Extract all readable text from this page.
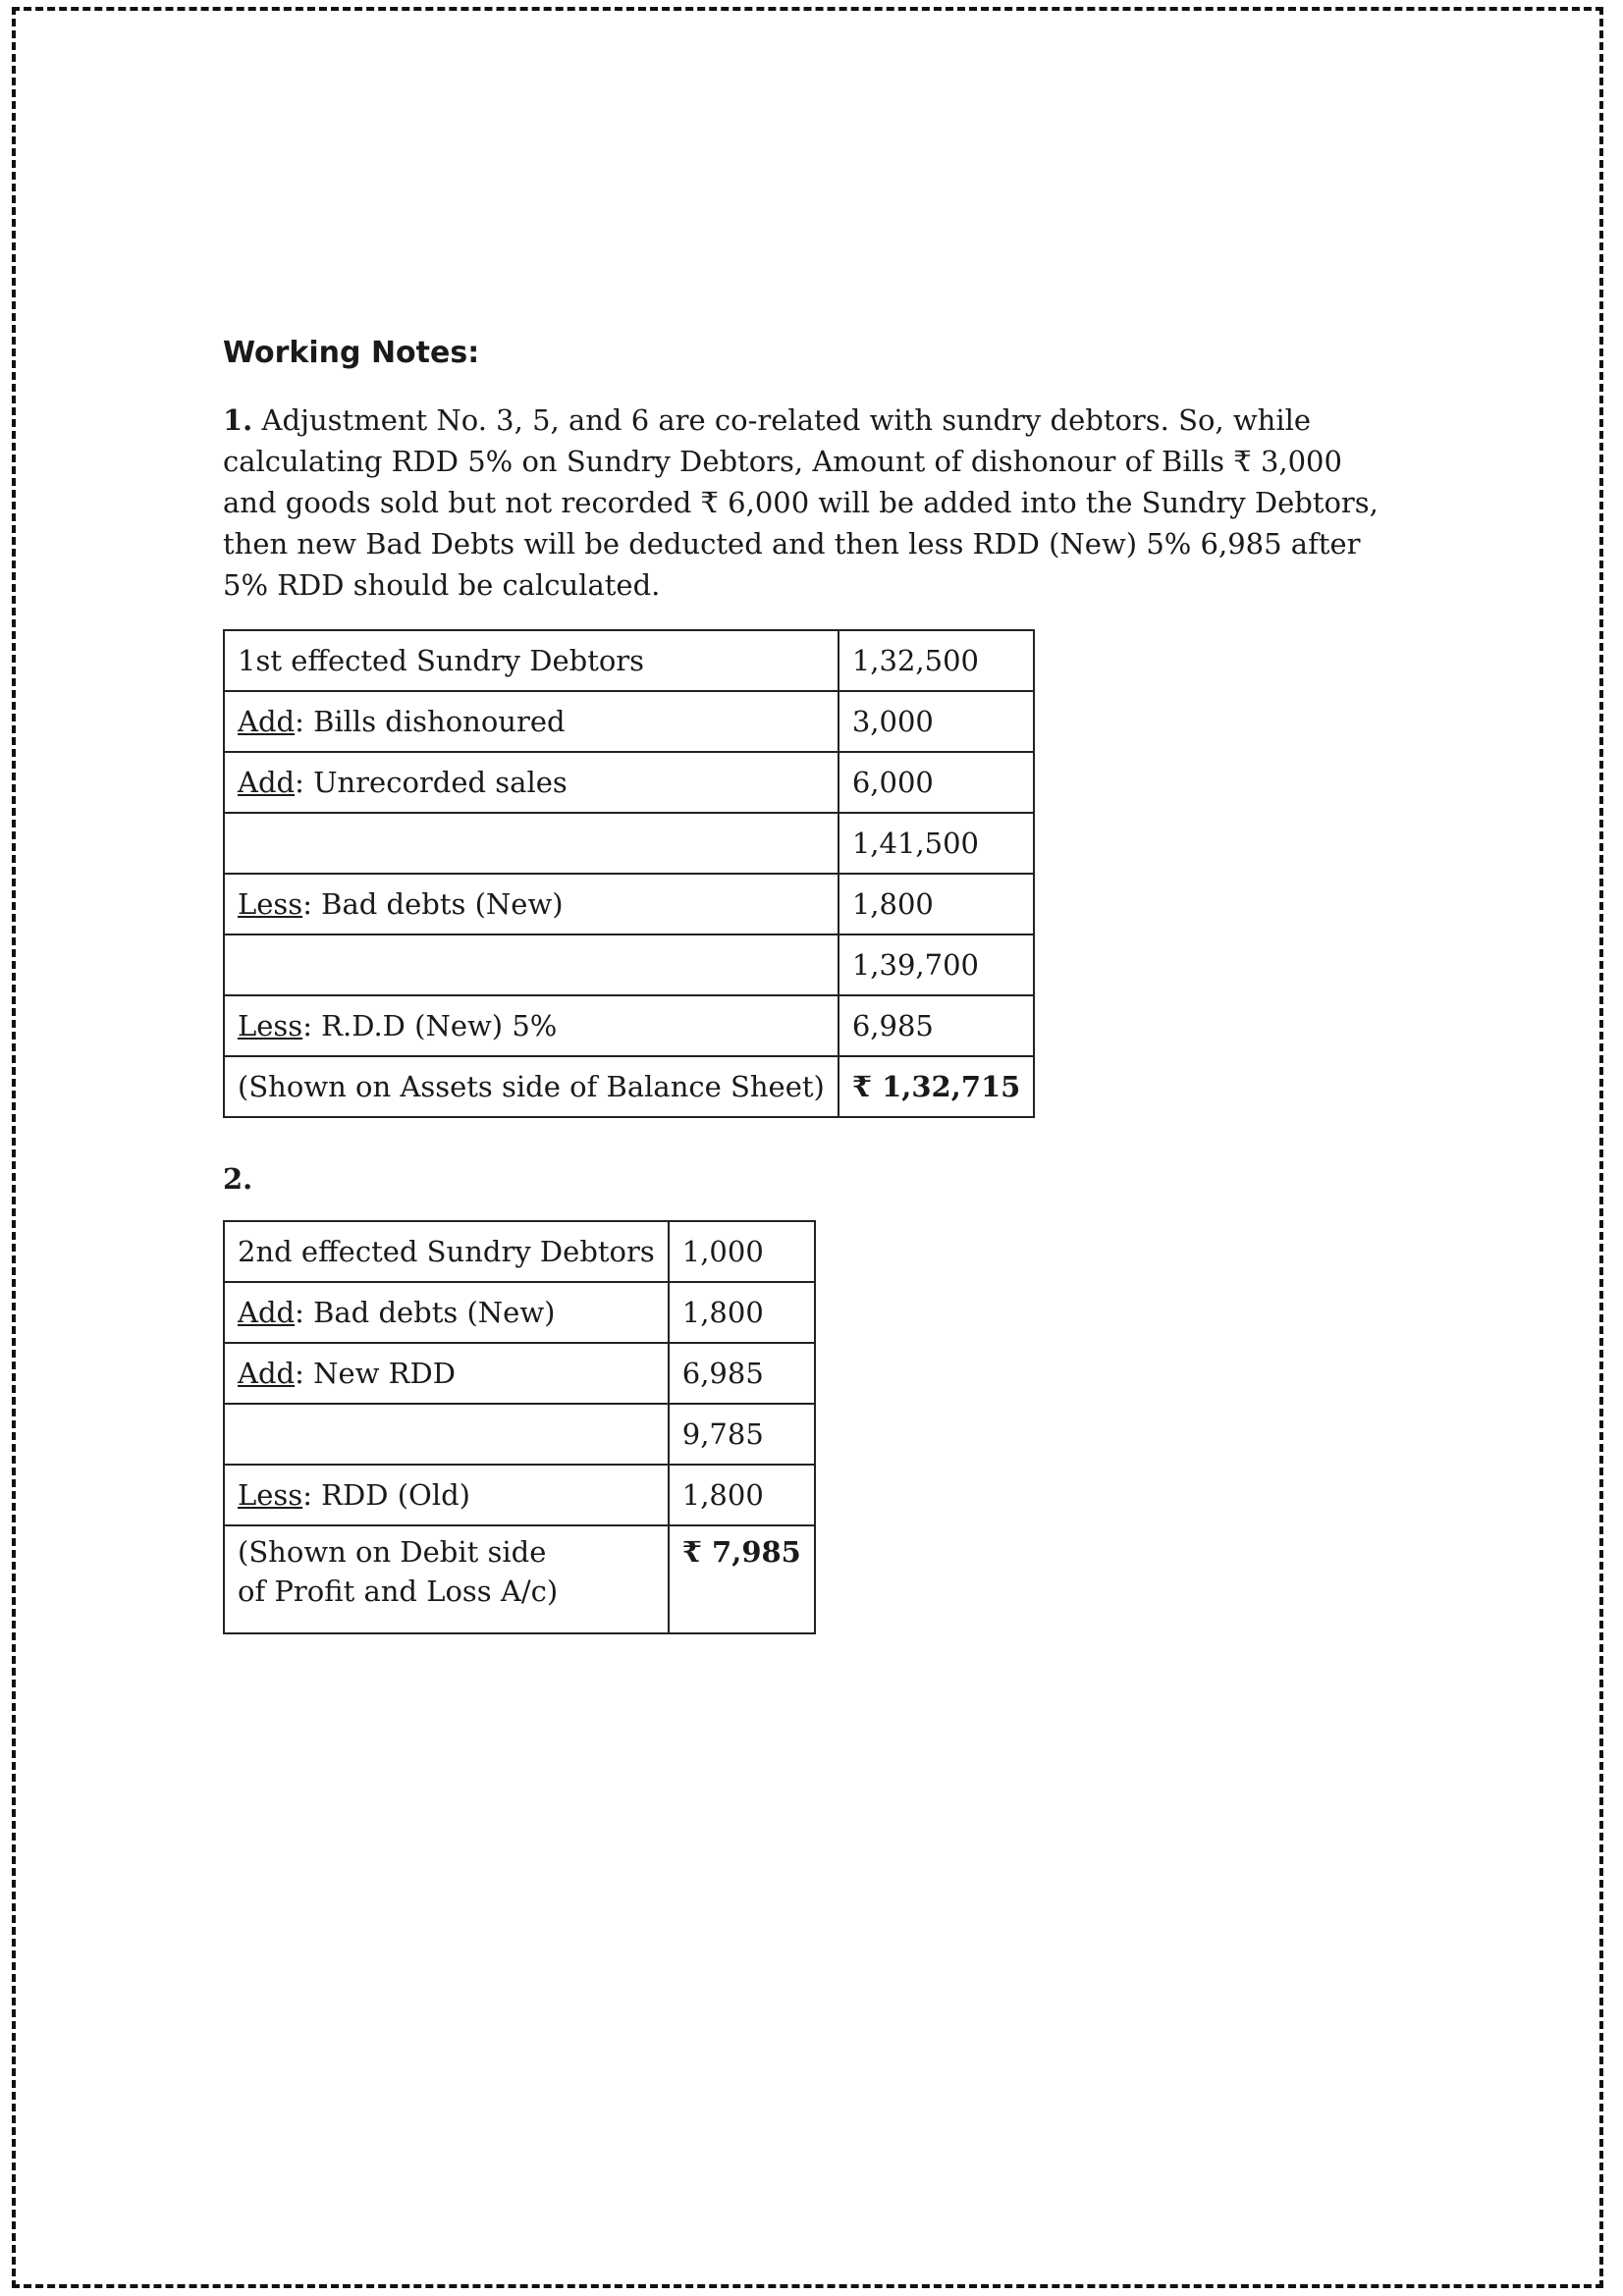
Working Notes:

1. Adjustment No. 3, 5, and 6 are co-related with sundry debtors. So, while calculating RDD 5% on Sundry Debtors, Amount of dishonour of Bills ₹ 3,000 and goods sold but not recorded ₹ 6,000 will be added into the Sundry Debtors, then new Bad Debts will be deducted and then less RDD (New) 5% 6,985 after 5% RDD should be calculated.

1st effected Sundry Debtors	1,32,500
Add: Bills dishonoured	3,000
Add: Unrecorded sales	6,000
	1,41,500
Less: Bad debts (New)	1,800
	1,39,700
Less: R.D.D (New) 5%	6,985
(Shown on Assets side of Balance Sheet)	₹ 1,32,715
2.
2nd effected Sundry Debtors	1,000
Add: Bad debts (New)	1,800
Add: New RDD	6,985
	9,785
Less: RDD (Old)	1,800
(Shown on Debit side
of Profit and Loss A/c)	₹ 7,985
